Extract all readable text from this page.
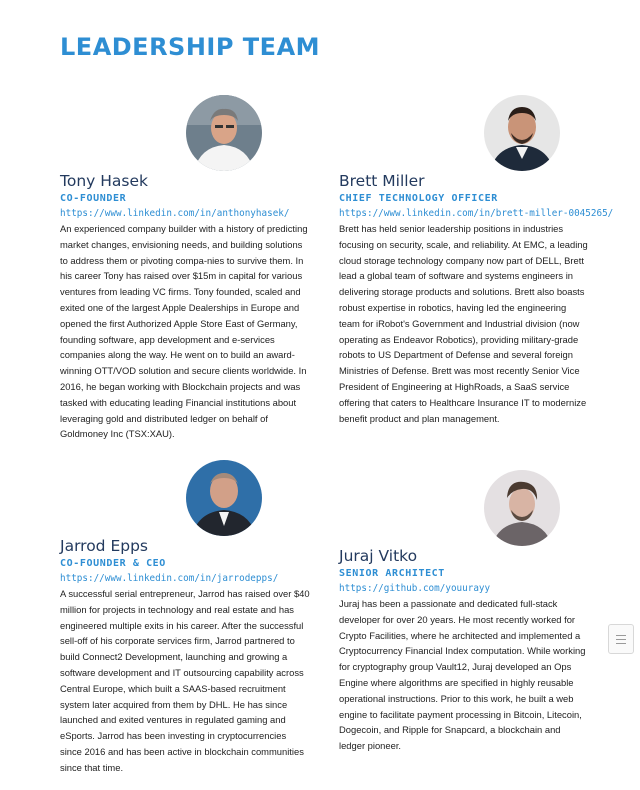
LEADERSHIP TEAM
Tony Hasek
CO-FOUNDER
https://www.linkedin.com/in/anthonyhasek/

An experienced company builder with a history of predicting market changes, envisioning needs, and building solutions to address them or pivoting compa-nies to survive them. In his career Tony has raised over $15m in capital for various ventures from leading VC firms. Tony founded, scaled and exited one of the largest Apple Dealerships in Europe and opened the first Authorized Apple Store East of Germany, founding software, app development and e-services companies along the way. He went on to build an award-winning OTT/VOD solution and secure clients worldwide. In 2016, he began working with Blockchain projects and was tasked with educating leading Financial institutions about leveraging gold and distributed ledger on behalf of Goldmoney Inc (TSX:XAU).

Brett Miller
CHIEF TECHNOLOGY OFFICER
https://www.linkedin.com/in/brett-miller-0045265/

Brett has held senior leadership positions in industries focusing on security, scale, and reliability. At EMC, a leading cloud storage technology company now part of DELL, Brett lead a global team of software and systems engineers in delivering storage products and solutions. Brett also boasts robust expertise in robotics, having led the engineering team for iRobot's Government and Industrial division (now operating as Endeavor Robotics), providing military-grade robots to US Department of Defense and several foreign Ministries of Defense. Brett was most recently Senior Vice President of Engineering at HighRoads, a SaaS service offering that caters to Healthcare Insurance IT to modernize benefit product and plan management.

Jarrod Epps
CO-FOUNDER & CEO
https://www.linkedin.com/in/jarrodepps/

A successful serial entrepreneur, Jarrod has raised over $40 million for projects in technology and real estate and has engineered multiple exits in his career. After the successful sell-off of his corporate services firm, Jarrod partnered to build Connect2 Development, launching and growing a software development and IT outsourcing capability across Central Europe, which built a SAAS-based recruitment system later acquired from them by DHL. He has since launched and exited ventures in regulated gaming and eSports. Jarrod has been investing in cryptocurrencies since 2016 and has been active in blockchain communities since that time.

Juraj Vitko
SENIOR ARCHITECT
https://github.com/youurayy

Juraj has been a passionate and dedicated full-stack developer for over 20 years. He most recently worked for Crypto Facilities, where he architected and implemented a Cryptocurrency Financial Index computation. While working for cryptography group Vault12, Juraj developed an Ops Engine where algorithms are specified in highly reusable operational instructions. Prior to this work, he built a web engine to facilitate payment processing in Bitcoin, Litecoin, Dogecoin, and Ripple for Snapcard, a blockchain and ledger pioneer.
